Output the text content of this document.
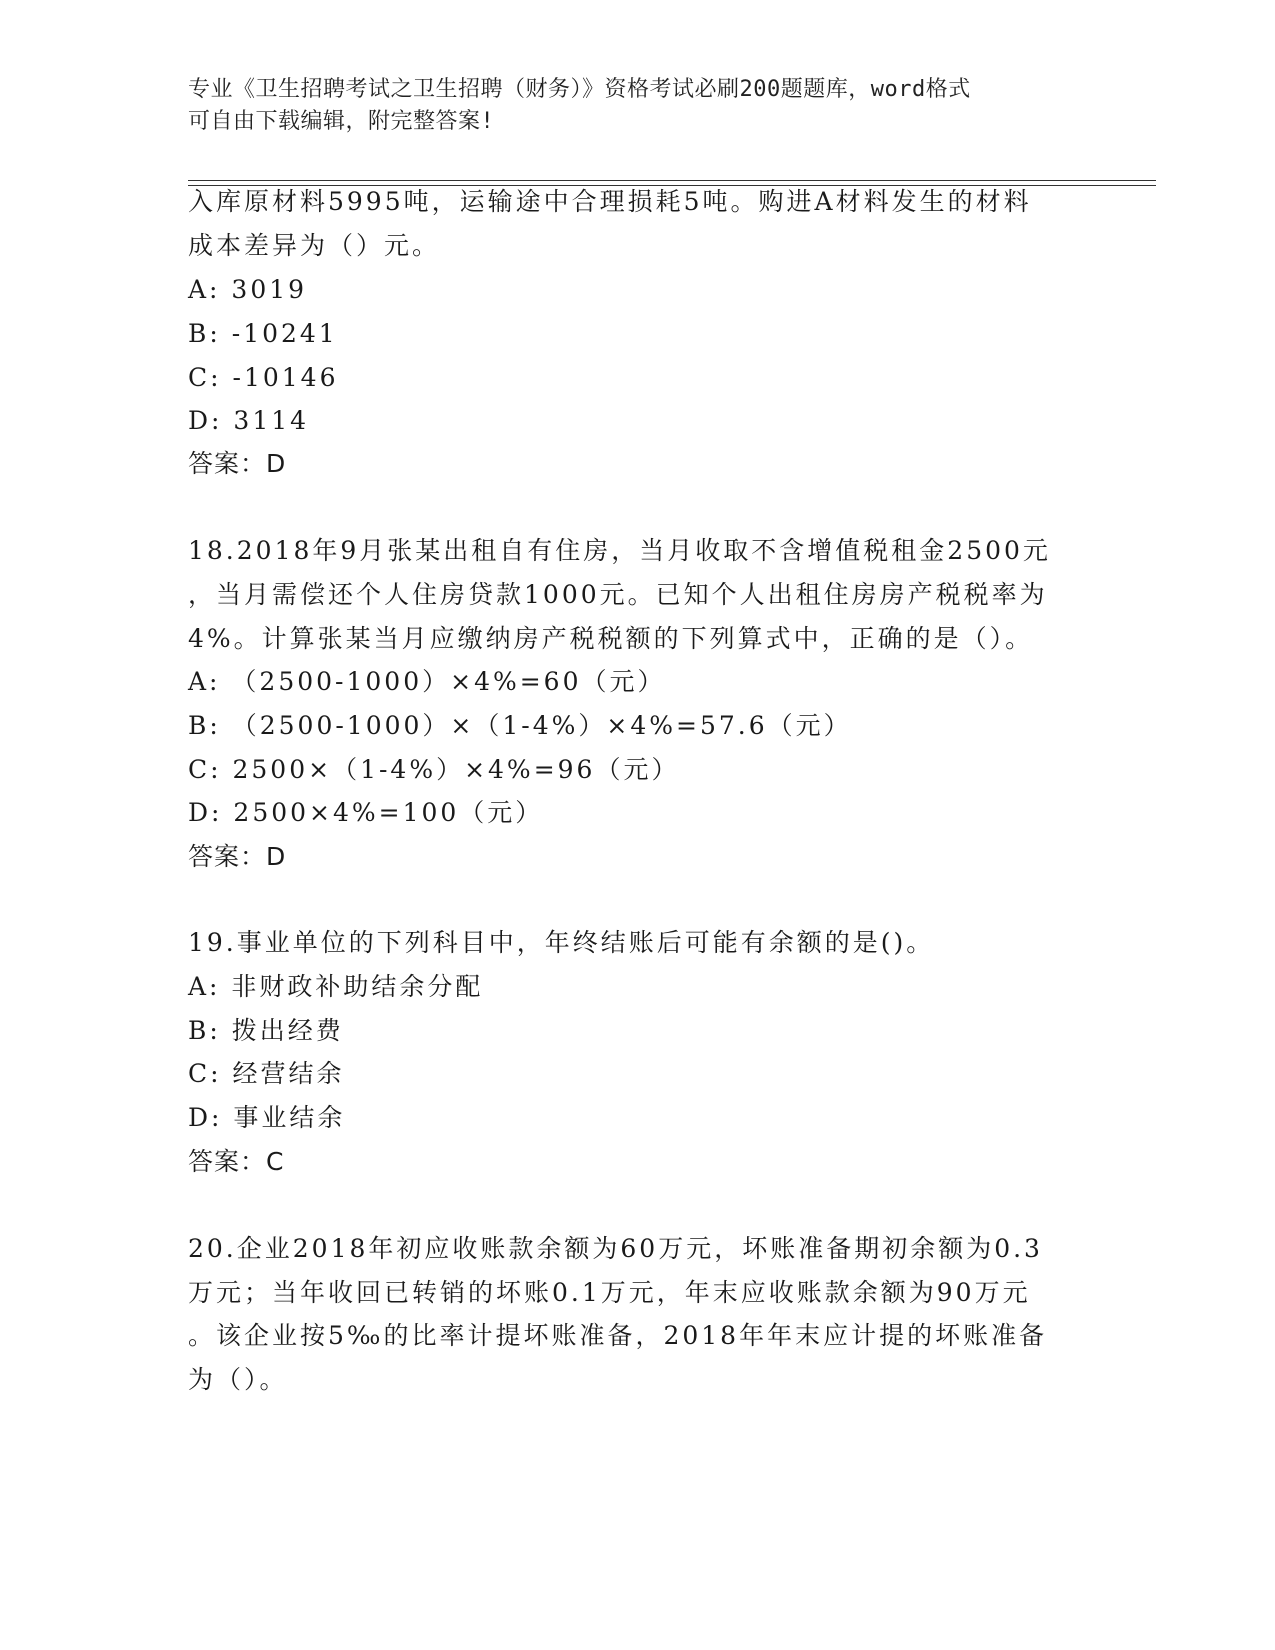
专业《卫生招聘考试之卫生招聘（财务）》资格考试必刷200题题库，word格式
可自由下载编辑，附完整答案!
入库原材料5995吨，运输途中合理损耗5吨。购进A材料发生的材料
成本差异为（）元。
A: 3019
B: -10241
C: -10146
D: 3114
答案：D
18.2018年9月张某出租自有住房，当月收取不含增值税租金2500元
，当月需偿还个人住房贷款1000元。已知个人出租住房房产税税率为
4%。计算张某当月应缴纳房产税税额的下列算式中，正确的是（）。
A: （2500-1000）×4%=60（元）
B: （2500-1000）×（1-4%）×4%=57.6（元）
C: 2500×（1-4%）×4%=96（元）
D: 2500×4%=100（元）
答案：D
19.事业单位的下列科目中，年终结账后可能有余额的是()。
A: 非财政补助结余分配
B: 拨出经费
C: 经营结余
D: 事业结余
答案：C
20.企业2018年初应收账款余额为60万元，坏账准备期初余额为0.3
万元；当年收回已转销的坏账0.1万元，年末应收账款余额为90万元
。该企业按5‰的比率计提坏账准备，2018年年末应计提的坏账准备
为（）。
